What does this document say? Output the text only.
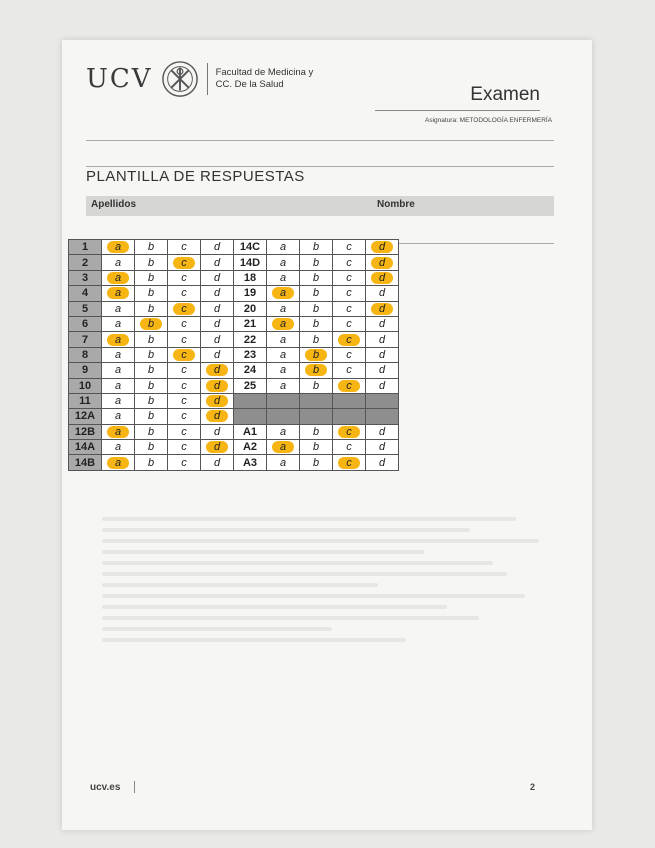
UCV	Facultad de Medicina y
CC. De la Salud	Examen
Asignatura: METODOLOGÍA ENFERMERÍA
PLANTILLA DE RESPUESTAS
Apellidos	Nombre
ucv.es	2
1	a	b	c	d	14C	a	b	c	d
2	a	b	c	d	14D	a	b	c	d
3	a	b	c	d	18	a	b	c	d
4	a	b	c	d	19	a	b	c	d
5	a	b	c	d	20	a	b	c	d
6	a	b	c	d	21	a	b	c	d
7	a	b	c	d	22	a	b	c	d
8	a	b	c	d	23	a	b	c	d
9	a	b	c	d	24	a	b	c	d
10	a	b	c	d	25	a	b	c	d
11	a	b	c	d					
12A	a	b	c	d					
12B	a	b	c	d	A1	a	b	c	d
14A	a	b	c	d	A2	a	b	c	d
14B	a	b	c	d	A3	a	b	c	d
